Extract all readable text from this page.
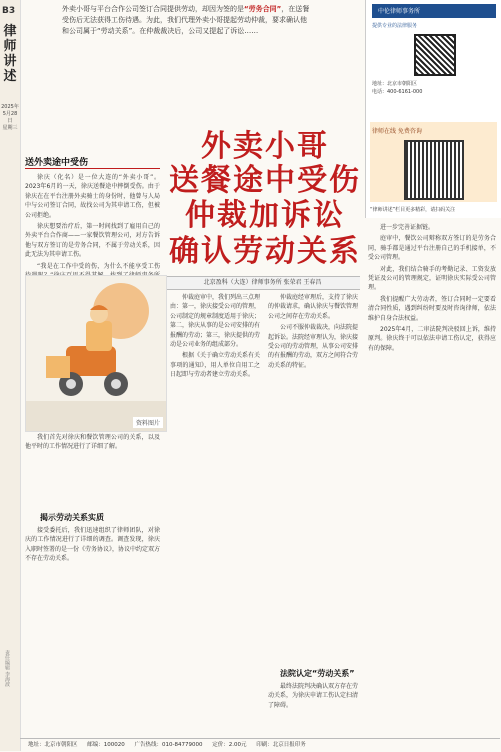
B3
律师讲述
2025年
5月28日
星期三
责任编辑 李海波
外卖小哥与平台合作公司签订合同提供劳动，却因为签的是“劳务合同”，在送餐受伤后无法获得工伤待遇。为此，我们代理外卖小哥提起劳动仲裁，要求确认他和公司属于“劳动关系”。在仲裁裁决后，公司又提起了诉讼……
中伦律师事务所
提供专业的法律服务
地址：北京市朝阳区
电话：400-6161-000
律师在线 免费咨询
“律师讲述”栏目更多精彩，请扫码关注
送外卖途中受伤	外卖小哥
送餐途中受伤
仲裁加诉讼
确认劳动关系
北京盈科（大连）律师事务所 张荣君 王春昌

徐庆（化名）是一位大连的“外卖小哥”。2023年6月的一天，徐庆送餐途中摔倒受伤。由于徐庆在在平台注册外卖骑士的身份时，他曾与人局中与公司签订合同，故找公司为其申请工伤，但被公司拒绝。

徐庆想要治疗后，第一时间找到了雇用自己的外卖平台合作商——一家餐饮管理公司，对方告诉他与双方签订的是劳务合同，不属于劳动关系，因此无法为其申请工伤。

“我是在工作中受的伤，为什么不能享受工伤

资料图片

我们首先对徐庆和餐饮管理公司的关系，以及他平时的工作情况进行了详细了解。

揭示劳动关系实质

接受委托后，我们迅速组织了律师团队，对徐庆的工作情况进行了详细的调查。调查发现，徐庆入职时签署的是一份《劳务协议》，协议中约定双方不存在劳动关系。

仲裁庭审中，我们列出三点理由：第一，徐庆接受公司的管理，公司制定的规章制度适用于徐庆；第二，徐庆从事的是公司安排的有报酬的劳动；第三，徐庆提供的劳动是公司业务的组成部分。

根据《关于确立劳动关系有关事项的通知》，用人单位自用工之日起即与劳动者建立劳动关系。

仲裁庭经审理后，支持了徐庆的仲裁请求，确认徐庆与餐饮管理公司之间存在劳动关系。

公司不服仲裁裁决，向法院提起诉讼。法院经审理认为，徐庆接受公司的劳动管理，从事公司安排的有报酬的劳动，双方之间符合劳动关系的特征。

法院认定“劳动关系”

最终法院判决确认双方存在劳动关系，为徐庆申请工伤认定扫清了障碍。

进一步完善证据链。

庭审中，餐饮公司辩称双方签订的是劳务合同，骑手都是通过平台注册自己的手机接单，不受公司管理。

对此，我们结合骑手的考勤记录、工资发放凭证及公司的管理规定，证明徐庆实际受公司管理。

我们提醒广大劳动者，签订合同时一定要看清合同性质，遇到纠纷时要及时咨询律师，依法维护自身合法权益。

2025年4月，二审法院判决驳回上诉，维持原判。徐庆终于可以依法申请工伤认定，获得应有的保障。

地址：北京市朝阳区 邮编：100020 广告热线：010-84779000 定价：2.00元 印刷：北京日报印务
